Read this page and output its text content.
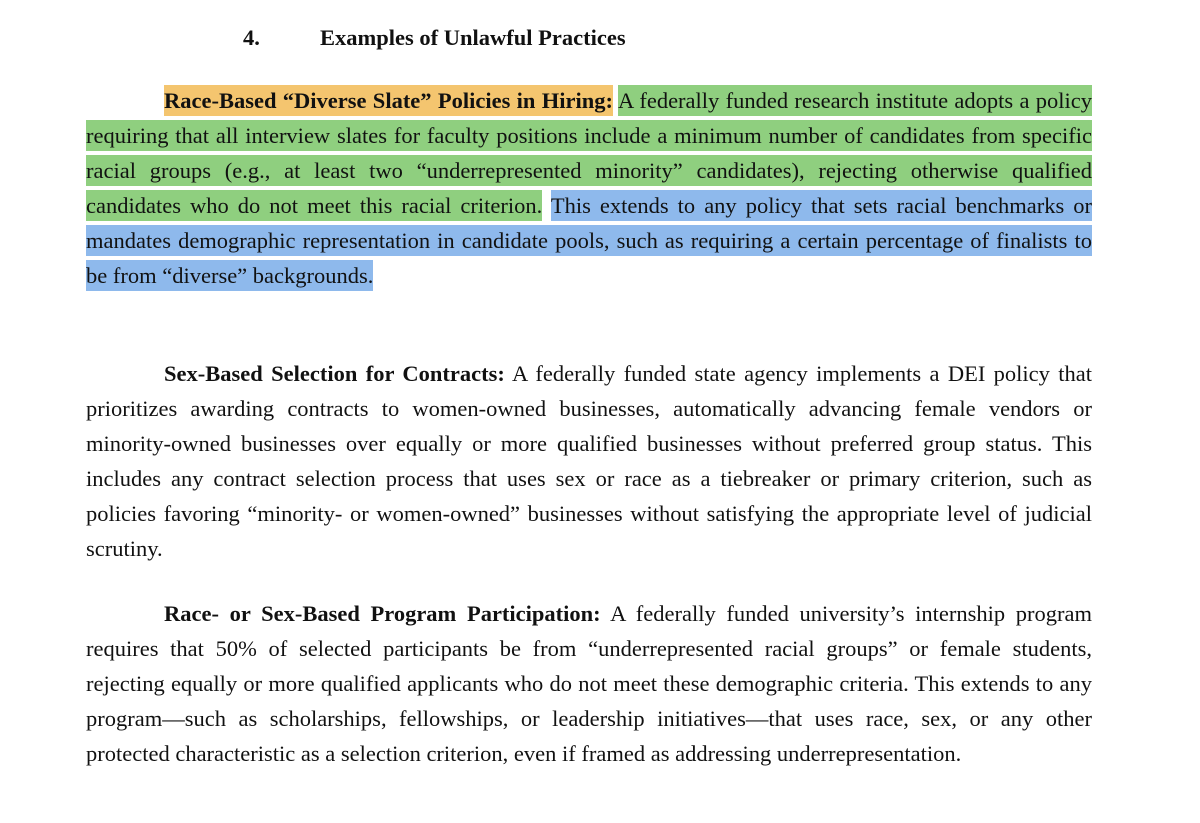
4.	Examples of Unlawful Practices

Race-Based “Diverse Slate” Policies in Hiring: A federally funded research institute adopts a policy requiring that all interview slates for faculty positions include a minimum number of candidates from specific racial groups (e.g., at least two “underrepresented minority” candidates), rejecting otherwise qualified candidates who do not meet this racial criterion. This extends to any policy that sets racial benchmarks or mandates demographic representation in candidate pools, such as requiring a certain percentage of finalists to be from “diverse” backgrounds.

Sex-Based Selection for Contracts: A federally funded state agency implements a DEI policy that prioritizes awarding contracts to women-owned businesses, automatically advancing female vendors or minority-owned businesses over equally or more qualified businesses without preferred group status. This includes any contract selection process that uses sex or race as a tiebreaker or primary criterion, such as policies favoring “minority- or women-owned” businesses without satisfying the appropriate level of judicial scrutiny.

Race- or Sex-Based Program Participation: A federally funded university’s internship program requires that 50% of selected participants be from “underrepresented racial groups” or female students, rejecting equally or more qualified applicants who do not meet these demographic criteria. This extends to any program—such as scholarships, fellowships, or leadership initiatives—that uses race, sex, or any other protected characteristic as a selection criterion, even if framed as addressing underrepresentation.
